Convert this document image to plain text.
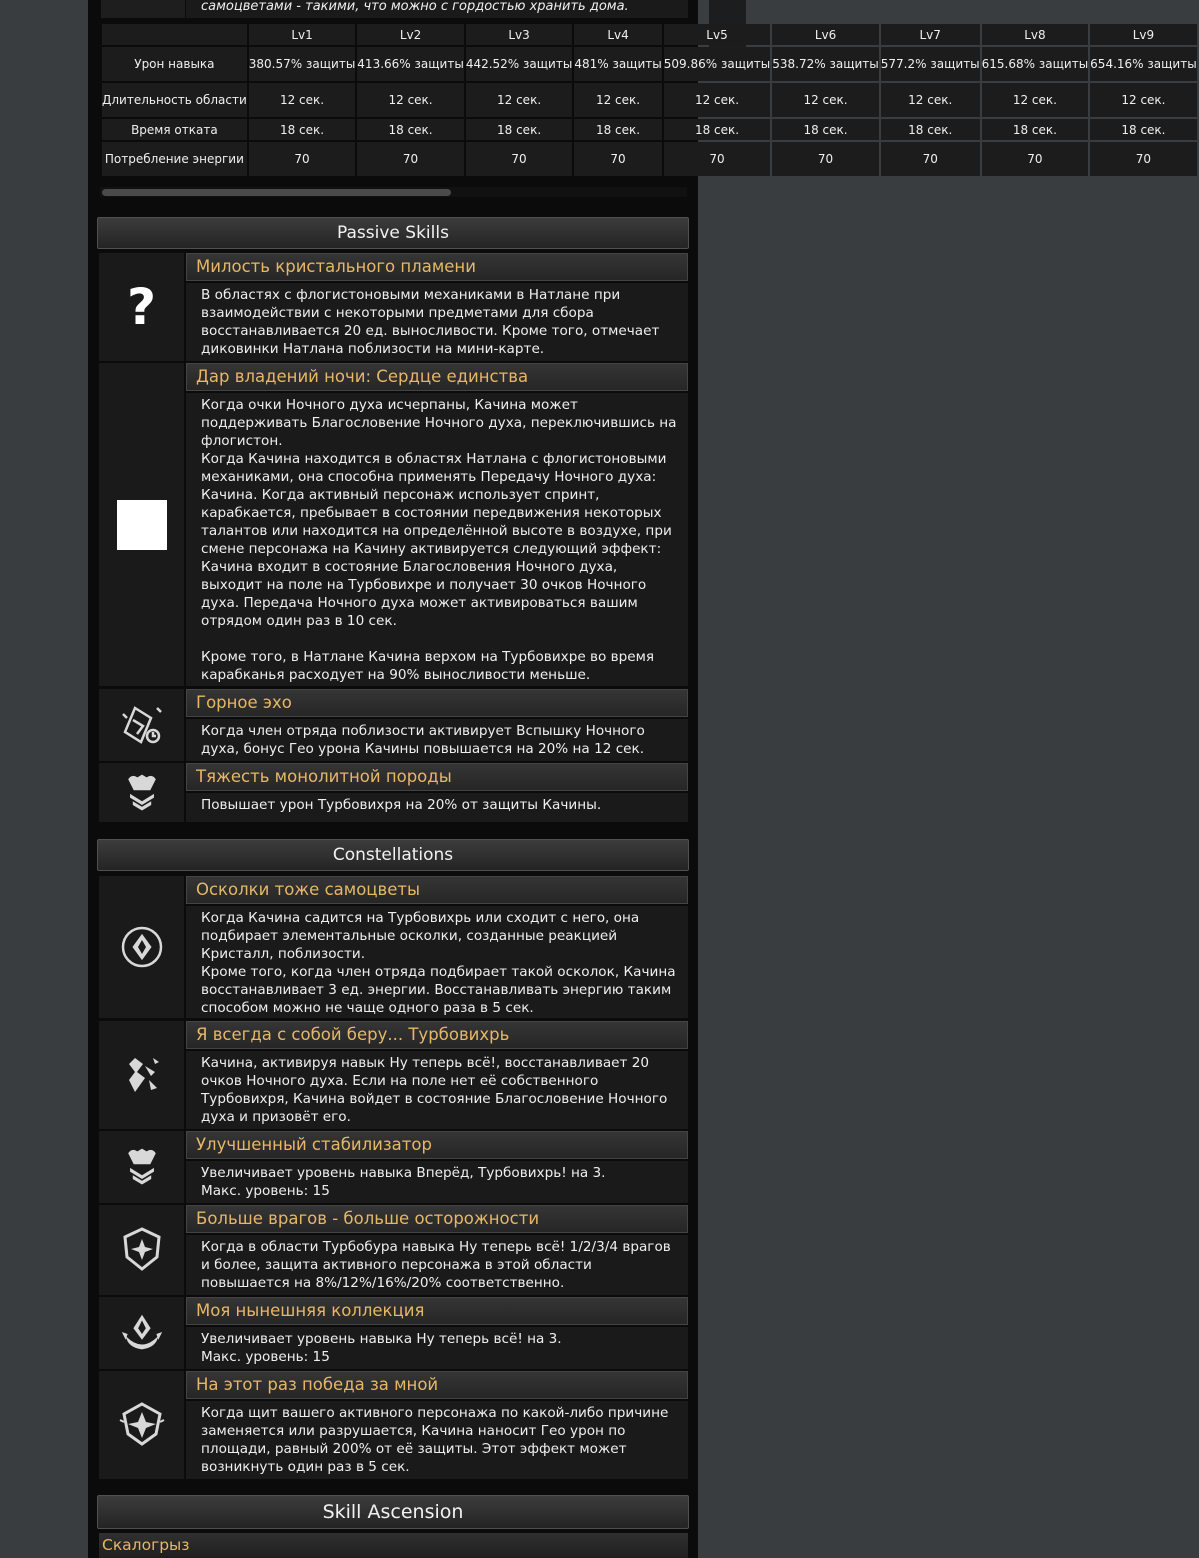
самоцветами - такими, что можно с гордостью хранить дома.
	Lv1	Lv2	Lv3	Lv4	Lv5	Lv6	Lv7	Lv8	Lv9
Урон навыка	380.57% защиты	413.66% защиты	442.52% защиты	481% защиты	509.86% защиты	538.72% защиты	577.2% защиты	615.68% защиты	654.16% защиты
Длительность области	12 сек.	12 сек.	12 сек.	12 сек.	12 сек.	12 сек.	12 сек.	12 сек.	12 сек.
Время отката	18 сек.	18 сек.	18 сек.	18 сек.	18 сек.	18 сек.	18 сек.	18 сек.	18 сек.
Потребление энергии	70	70	70	70	70	70	70	70	70
Passive Skills
?
Милость кристального пламени

В областях с флогистоновыми механиками в Натлане при взаимодействии с некоторыми предметами для сбора восстанавливается 20 ед. выносливости. Кроме того, отмечает диковинки Натлана поблизости на мини-карте.

Дар владений ночи: Сердце единства

Когда очки Ночного духа исчерпаны, Качина может поддерживать Благословение Ночного духа, переключившись на флогистон.

Когда Качина находится в областях Натлана с флогистоновыми механиками, она способна применять Передачу Ночного духа: Качина. Когда активный персонаж использует спринт, карабкается, пребывает в состоянии передвижения некоторых талантов или находится на определённой высоте в воздухе, при смене персонажа на Качину активируется следующий эффект: Качина входит в состояние Благословения Ночного духа, выходит на поле на Турбовихре и получает 30 очков Ночного духа. Передача Ночного духа может активироваться вашим отрядом один раз в 10 сек.

Кроме того, в Натлане Качина верхом на Турбовихре во время карабканья расходует на 90% выносливости меньше.

Горное эхо

Когда член отряда поблизости активирует Вспышку Ночного духа, бонус Гео урона Качины повышается на 20% на 12 сек.

Тяжесть монолитной породы

Повышает урон Турбовихря на 20% от защиты Качины.

Constellations
Осколки тоже самоцветы

Когда Качина садится на Турбовихрь или сходит с него, она подбирает элементальные осколки, созданные реакцией Кристалл, поблизости.

Кроме того, когда член отряда подбирает такой осколок, Качина восстанавливает 3 ед. энергии. Восстанавливать энергию таким способом можно не чаще одного раза в 5 сек.

Я всегда с собой беру... Турбовихрь

Качина, активируя навык Ну теперь всё!, восстанавливает 20 очков Ночного духа. Если на поле нет её собственного Турбовихря, Качина войдет в состояние Благословение Ночного духа и призовёт его.

Улучшенный стабилизатор

Увеличивает уровень навыка Вперёд, Турбовихрь! на 3.

Макс. уровень: 15

Больше врагов - больше осторожности

Когда в области Турбобура навыка Ну теперь всё! 1/2/3/4 врагов и более, защита активного персонажа в этой области повышается на 8%/12%/16%/20% соответственно.

Моя нынешняя коллекция

Увеличивает уровень навыка Ну теперь всё! на 3.

Макс. уровень: 15

На этот раз победа за мной

Когда щит вашего активного персонажа по какой-либо причине заменяется или разрушается, Качина наносит Гео урон по площади, равный 200% от её защиты. Этот эффект может возникнуть один раз в 5 сек.

Skill Ascension
Скалогрыз
